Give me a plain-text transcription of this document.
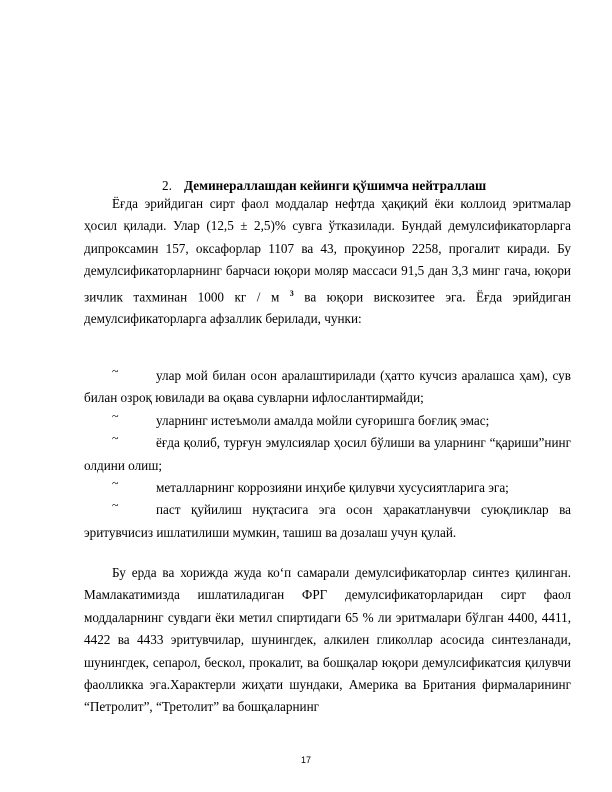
2. Деминераллашдан кейинги қўшимча нейтраллаш

Ёғда эрийдиган сирт фаол моддалар нефтда ҳақиқий ёки коллоид эритмалар ҳосил қилади. Улар (12,5 ± 2,5)% сувга ўтказилади. Бундай демулсификаторларга дипроксамин 157, оксафорлар 1107 ва 43, проқуинор 2258, прогалит киради. Бу демулсификаторларнинг барчаси юқори моляр массаси 91,5 дан 3,3 минг гача, юқори зичлик тахминан 1000 кг / м $^3$ ва юқори вискозитее эга. Ёғда эрийдиган демулсификаторларга афзаллик берилади, чунки:

~	улар мой билан осон аралаштирилади (ҳатто кучсиз аралашса ҳам), сув билан озроқ ювилади ва оқава сувларни ифлослантирмайди;
~	уларнинг истеъмоли амалда мойли суғоришга боғлиқ эмас;
~	ёғда қолиб, турғун эмулсиялар ҳосил бўлиши ва уларнинг “қариши”нинг олдини олиш;
~	металларнинг коррозияни инҳибе қилувчи хусусиятларига эга;
~	паст қуйилиш нуқтасига эга осон ҳаракатланувчи суюқликлар ва эритувчисиз ишлатилиши мумкин, ташиш ва дозалаш учун қулай.

Бу ерда ва хорижда жуда ко‘п самарали демулсификаторлар синтез қилинган. Мамлакатимизда ишлатиладиган ФРГ демулсификаторларидан сирт фаол моддаларнинг сувдаги ёки метил спиртидаги 65 % ли эритмалари бўлган 4400, 4411, 4422 ва 4433 эритувчилар, шунингдек, алкилен гликоллар асосида синтезланади, шунингдек, сепарол, бескол, прокалит, ва бошқалар юқори демулсификатсия қилувчи фаолликка эга.Характерли жиҳати шундаки, Америка ва Британия фирмаларининг “Петролит”, “Третолит” ва бошқаларнинг

17
